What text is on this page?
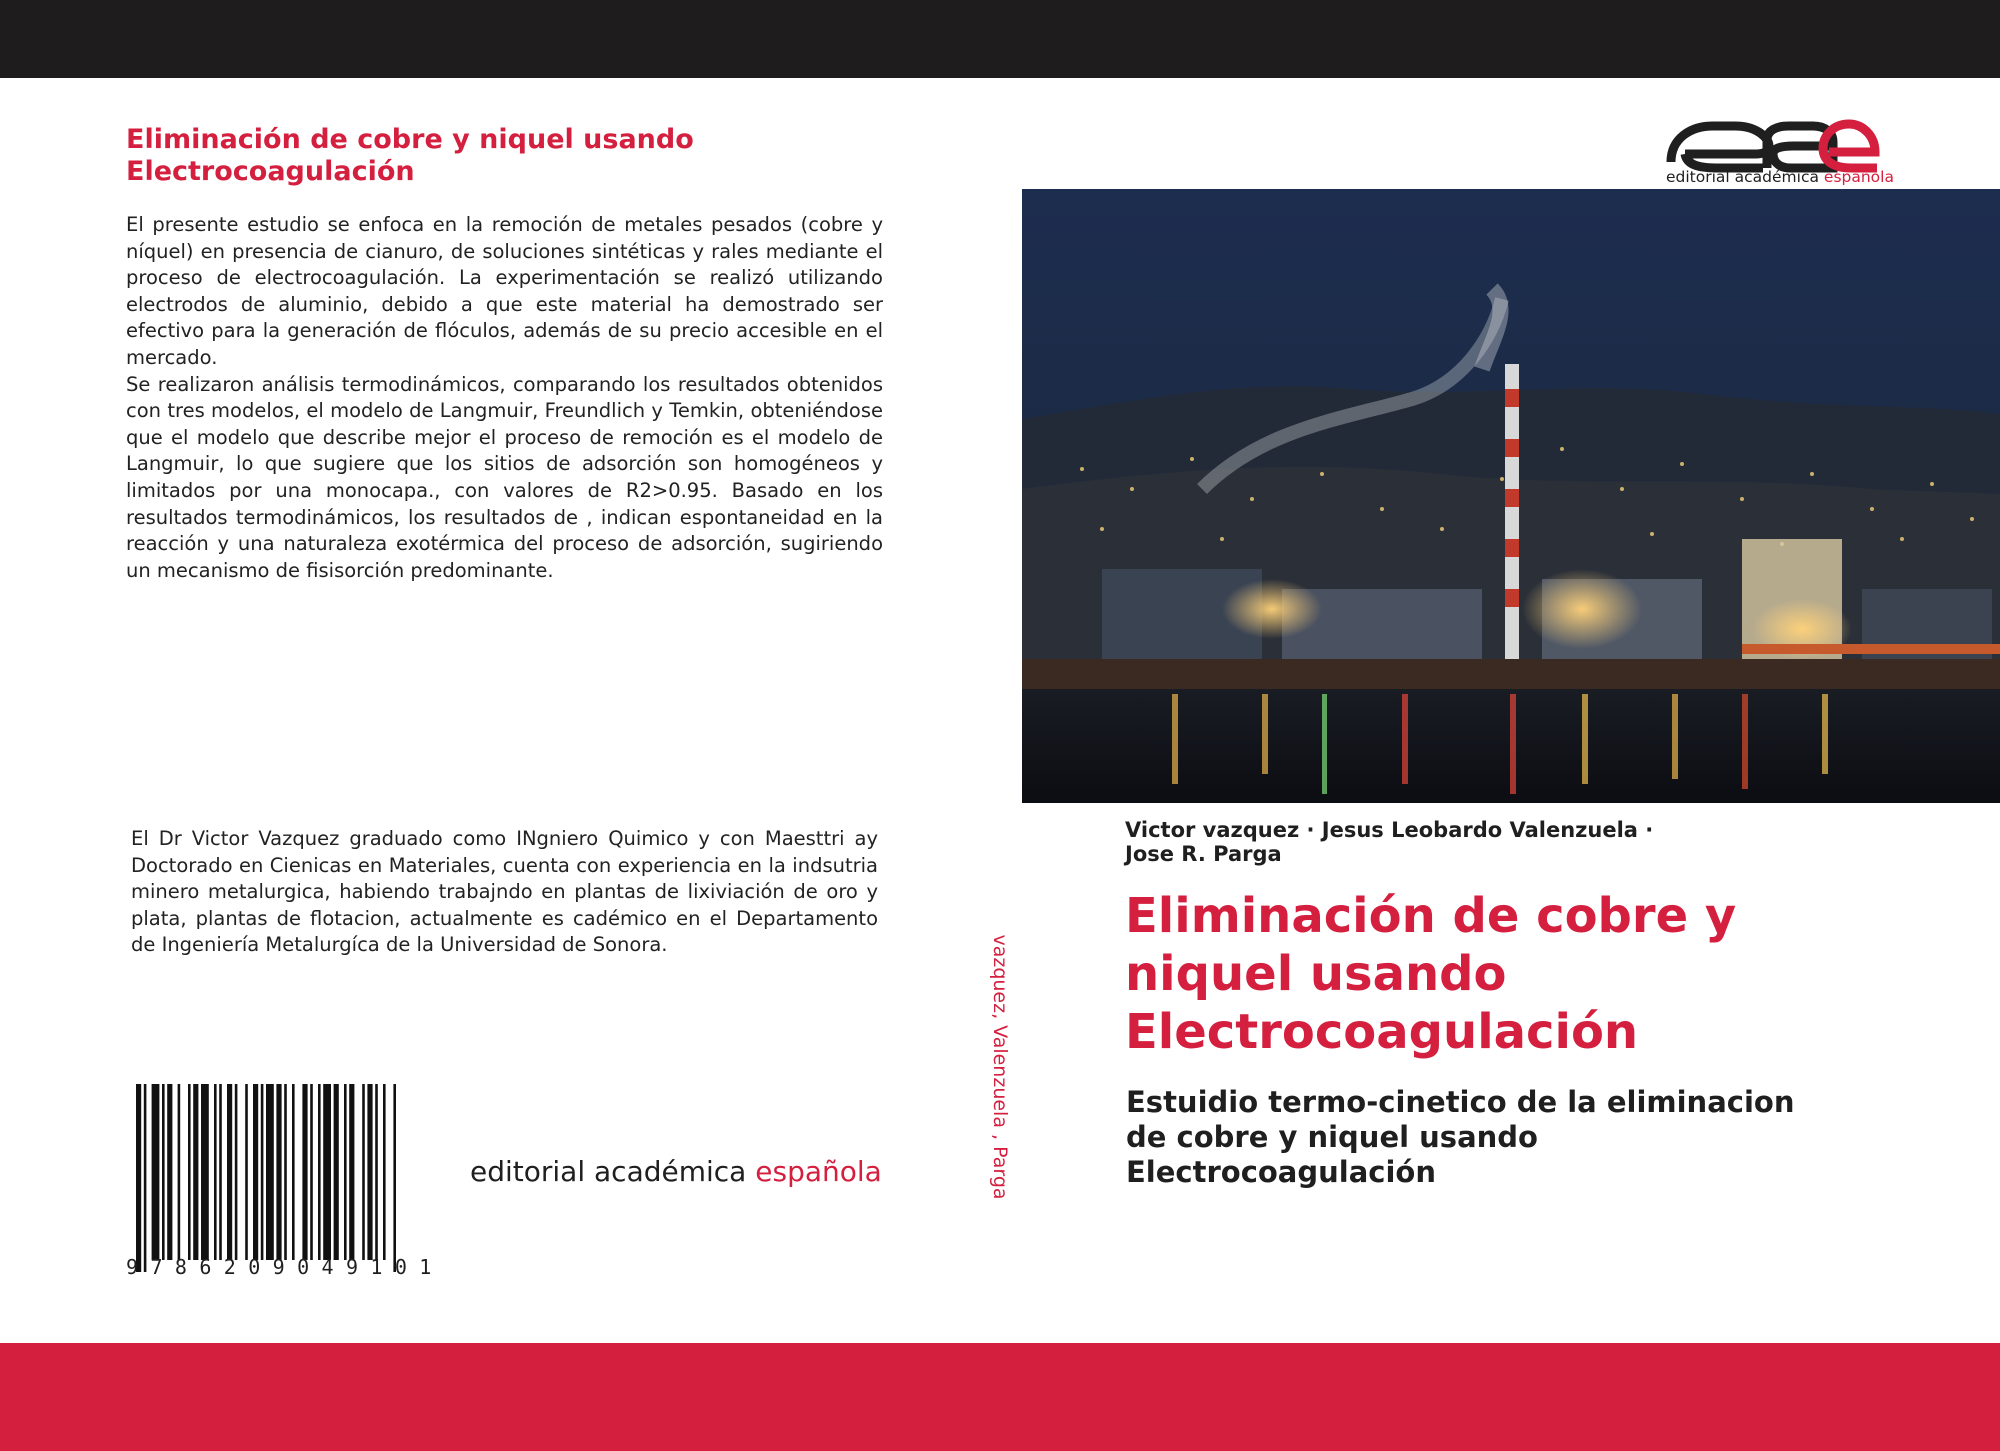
Eliminación de cobre y niquel usando
Electrocoagulación

El presente estudio se enfoca en la remoción de metales pesados (cobre y níquel) en presencia de cianuro, de soluciones sintéticas y rales mediante el proceso de electrocoagulación. La experimentación se realizó utilizando electrodos de aluminio, debido a que este material ha demostrado ser efectivo para la generación de flóculos, además de su precio accesible en el mercado.

Se realizaron análisis termodinámicos, comparando los resultados obtenidos con tres modelos, el modelo de Langmuir, Freundlich y Temkin, obteniéndose que el modelo que describe mejor el proceso de remoción es el modelo de Langmuir, lo que sugiere que los sitios de adsorción son homogéneos y limitados por una monocapa., con valores de R2>0.95. Basado en los resultados termodinámicos, los resultados de , indican espontaneidad en la reacción y una naturaleza exotérmica del proceso de adsorción, sugiriendo un mecanismo de fisisorción predominante.

El Dr Victor Vazquez graduado como INgniero Quimico y con Maesttri ay Doctorado en Cienicas en Materiales, cuenta con experiencia en la indsutria minero metalurgica, habiendo trabajndo en plantas de lixiviación de oro y plata, plantas de flotacion, actualmente es cadémico en el Departamento de Ingeniería Metalurgíca de la Universidad de Sonora.
9786209049101
editorial académica española	vazquez, Valenzuela , Parga
editorial académica española
Victor vazquez · Jesus Leobardo Valenzuela ·
Jose R. Parga
Eliminación de cobre y
niquel usando
Electrocoagulación
Estuidio termo-cinetico de la eliminacion
de cobre y niquel usando
Electrocoagulación
